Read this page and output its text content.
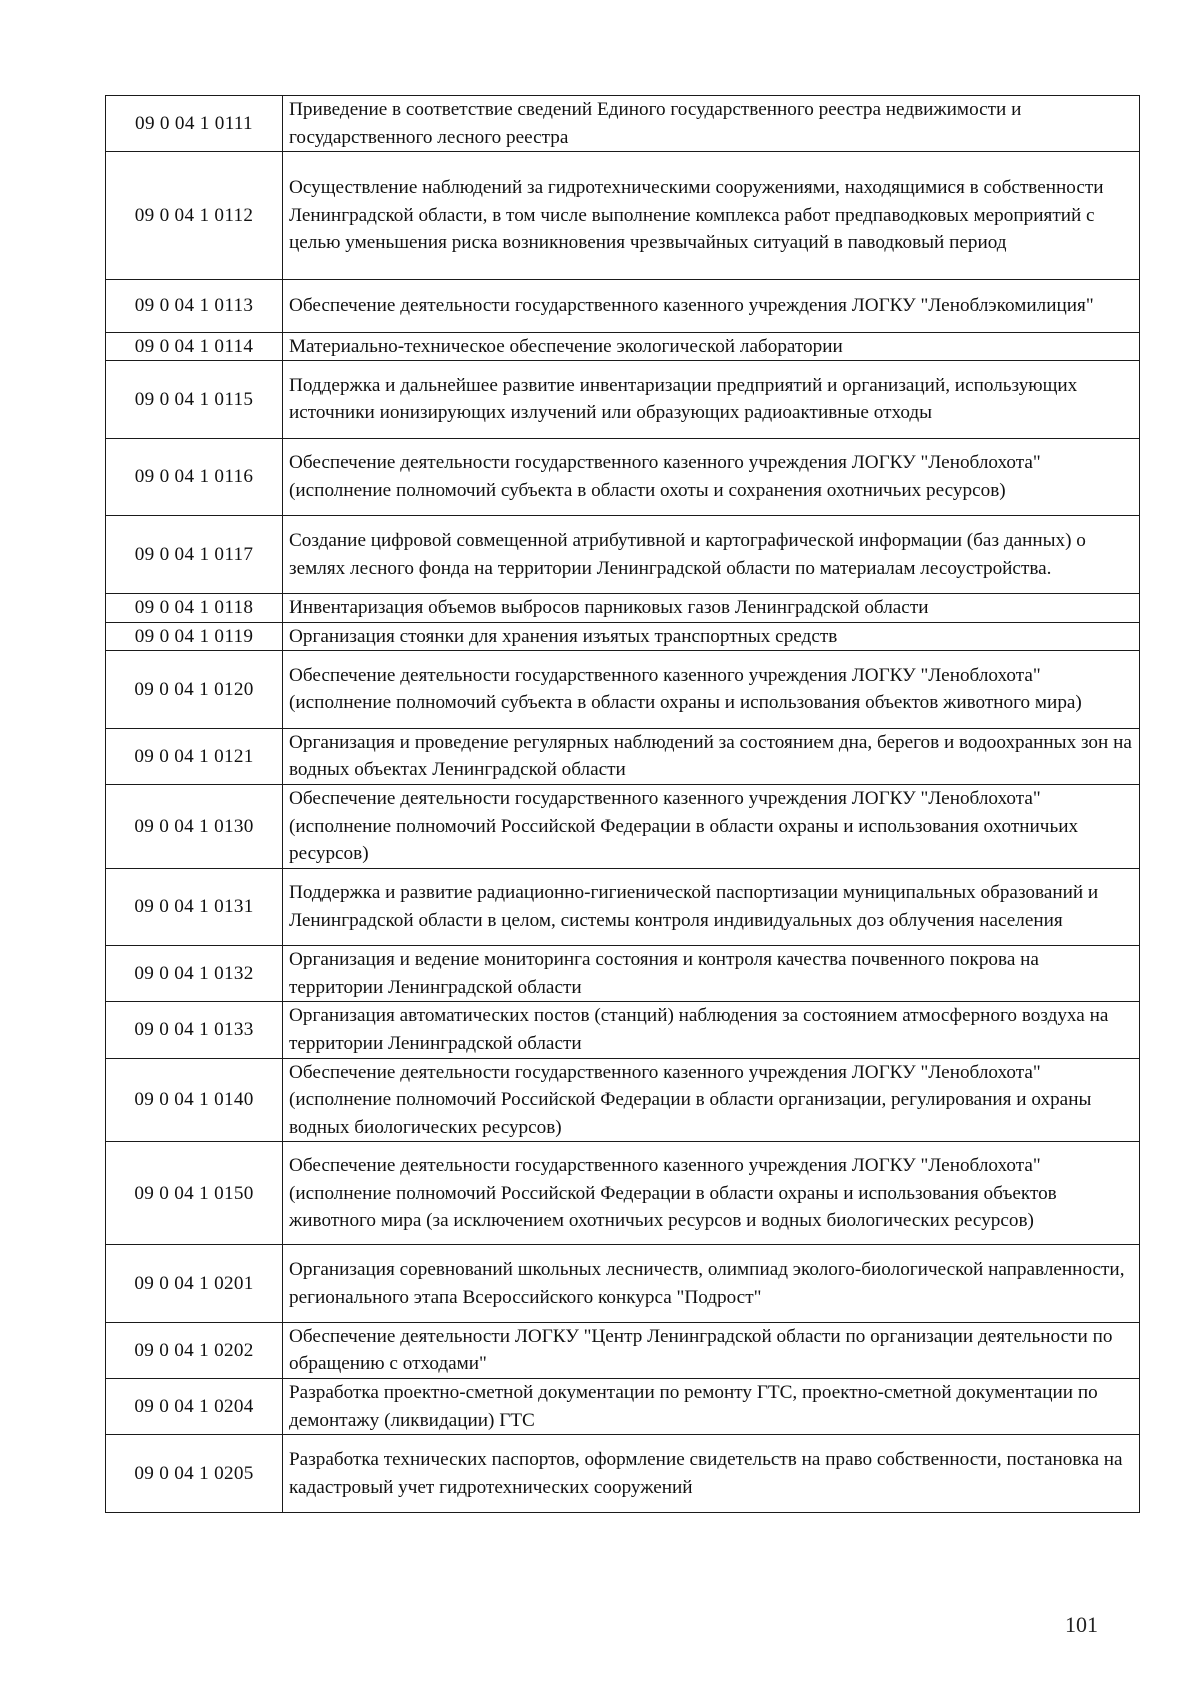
09 0 04 1 0111	Приведение в соответствие сведений Единого государственного реестра недвижимости и государственного лесного реестра
09 0 04 1 0112	Осуществление наблюдений за гидротехническими сооружениями, находящимися в собственности Ленинградской области, в том числе выполнение комплекса работ предпаводковых мероприятий с целью уменьшения риска возникновения чрезвычайных ситуаций в паводковый период
09 0 04 1 0113	Обеспечение деятельности государственного казенного учреждения ЛОГКУ "Леноблэкомилиция"
09 0 04 1 0114	Материально-техническое обеспечение экологической лаборатории
09 0 04 1 0115	Поддержка и дальнейшее развитие инвентаризации предприятий и организаций, использующих источники ионизирующих излучений или образующих радиоактивные отходы
09 0 04 1 0116	Обеспечение деятельности государственного казенного учреждения ЛОГКУ "Леноблохота" (исполнение полномочий субъекта в области охоты и сохранения охотничьих ресурсов)
09 0 04 1 0117	Создание цифровой совмещенной атрибутивной и картографической информации (баз данных) о землях лесного фонда на территории Ленинградской области по материалам лесоустройства.
09 0 04 1 0118	Инвентаризация объемов выбросов парниковых газов Ленинградской области
09 0 04 1 0119	Организация стоянки для хранения изъятых транспортных средств
09 0 04 1 0120	Обеспечение деятельности государственного казенного учреждения ЛОГКУ "Леноблохота" (исполнение полномочий субъекта в области охраны и использования объектов животного мира)
09 0 04 1 0121	Организация и проведение регулярных наблюдений за состоянием дна, берегов и водоохранных зон на водных объектах Ленинградской области
09 0 04 1 0130	Обеспечение деятельности государственного казенного учреждения ЛОГКУ "Леноблохота" (исполнение полномочий Российской Федерации в области охраны и использования охотничьих ресурсов)
09 0 04 1 0131	Поддержка и развитие радиационно-гигиенической паспортизации муниципальных образований и Ленинградской области в целом, системы контроля индивидуальных доз облучения населения
09 0 04 1 0132	Организация и ведение мониторинга состояния и контроля качества почвенного покрова на территории Ленинградской области
09 0 04 1 0133	Организация автоматических постов (станций) наблюдения за состоянием атмосферного воздуха на территории Ленинградской области
09 0 04 1 0140	Обеспечение деятельности государственного казенного учреждения ЛОГКУ "Леноблохота" (исполнение полномочий Российской Федерации в области организации, регулирования и охраны водных биологических ресурсов)
09 0 04 1 0150	Обеспечение деятельности государственного казенного учреждения ЛОГКУ "Леноблохота" (исполнение полномочий Российской Федерации в области охраны и использования объектов животного мира (за исключением охотничьих ресурсов и водных биологических ресурсов)
09 0 04 1 0201	Организация соревнований школьных лесничеств, олимпиад эколого-биологической направленности, регионального этапа Всероссийского конкурса "Подрост"
09 0 04 1 0202	Обеспечение деятельности ЛОГКУ "Центр Ленинградской области по организации деятельности по обращению с отходами"
09 0 04 1 0204	Разработка проектно-сметной документации по ремонту ГТС, проектно-сметной документации по демонтажу (ликвидации) ГТС
09 0 04 1 0205	Разработка технических паспортов, оформление свидетельств на право собственности, постановка на кадастровый учет гидротехнических сооружений
101
